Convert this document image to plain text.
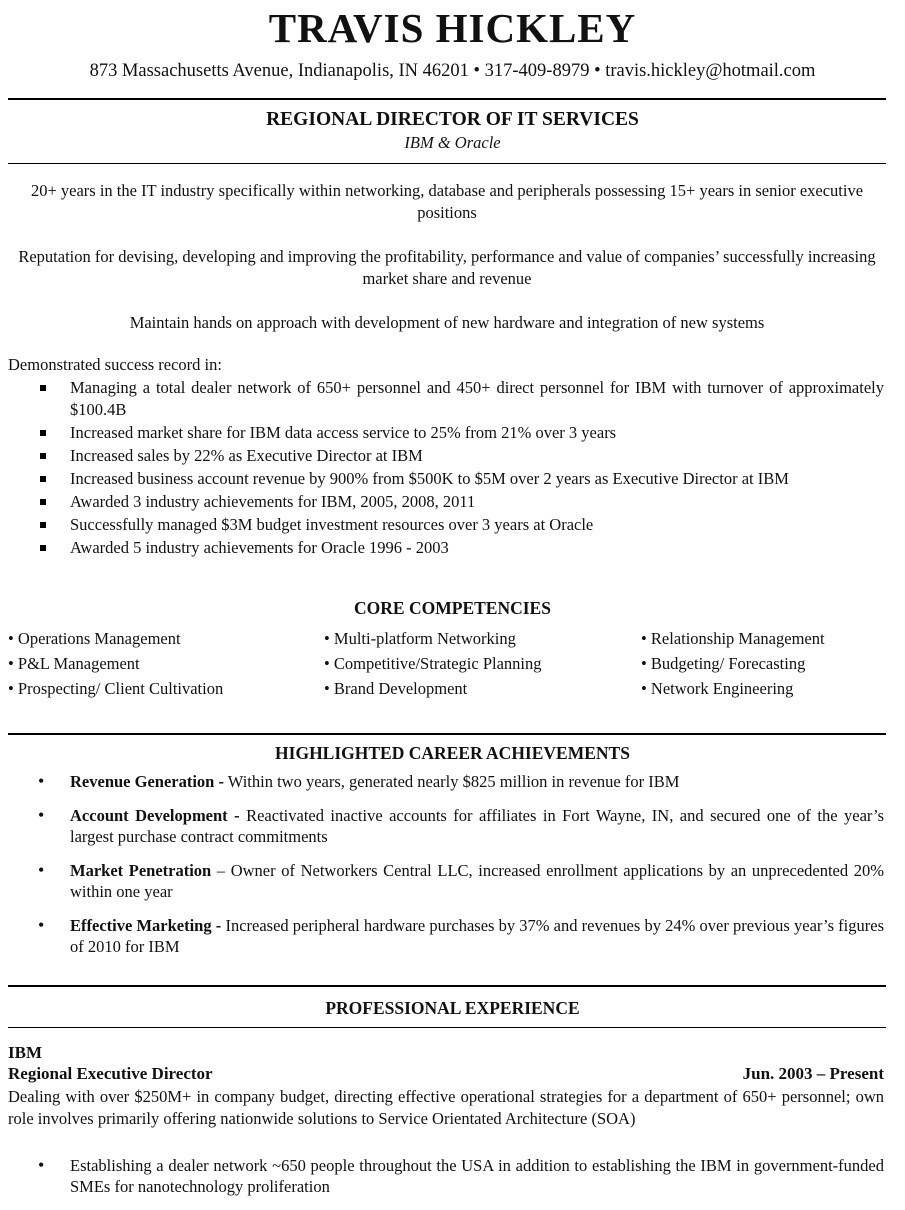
TRAVIS HICKLEY
873 Massachusetts Avenue, Indianapolis, IN 46201 • 317-409-8979 • travis.hickley@hotmail.com
REGIONAL DIRECTOR OF IT SERVICES
IBM & Oracle
20+ years in the IT industry specifically within networking, database and peripherals possessing 15+ years in senior executive positions
Reputation for devising, developing and improving the profitability, performance and value of companies’ successfully increasing market share and revenue
Maintain hands on approach with development of new hardware and integration of new systems
Demonstrated success record in:
Managing a total dealer network of 650+ personnel and 450+ direct personnel for IBM with turnover of approximately $100.4B
Increased market share for IBM data access service to 25% from 21% over 3 years
Increased sales by 22% as Executive Director at IBM
Increased business account revenue by 900% from $500K to $5M over 2 years as Executive Director at IBM
Awarded 3 industry achievements for IBM, 2005, 2008, 2011
Successfully managed $3M budget investment resources over 3 years at Oracle
Awarded 5 industry achievements for Oracle 1996 - 2003
CORE COMPETENCIES
• Operations Management
• P&L Management
• Prospecting/ Client Cultivation
• Multi-platform Networking
• Competitive/Strategic Planning
• Brand Development
• Relationship Management
• Budgeting/ Forecasting
• Network Engineering
HIGHLIGHTED CAREER ACHIEVEMENTS
• Revenue Generation - Within two years, generated nearly $825 million in revenue for IBM
• Account Development - Reactivated inactive accounts for affiliates in Fort Wayne, IN, and secured one of the year’s largest purchase contract commitments
• Market Penetration – Owner of Networkers Central LLC, increased enrollment applications by an unprecedented 20% within one year
• Effective Marketing - Increased peripheral hardware purchases by 37% and revenues by 24% over previous year’s figures of 2010 for IBM
PROFESSIONAL EXPERIENCE
IBM
Regional Executive Director	Jun. 2003 – Present
Dealing with over $250M+ in company budget, directing effective operational strategies for a department of 650+ personnel; own role involves primarily offering nationwide solutions to Service Orientated Architecture (SOA)
• Establishing a dealer network ~650 people throughout the USA in addition to establishing the IBM in government-funded SMEs for nanotechnology proliferation
